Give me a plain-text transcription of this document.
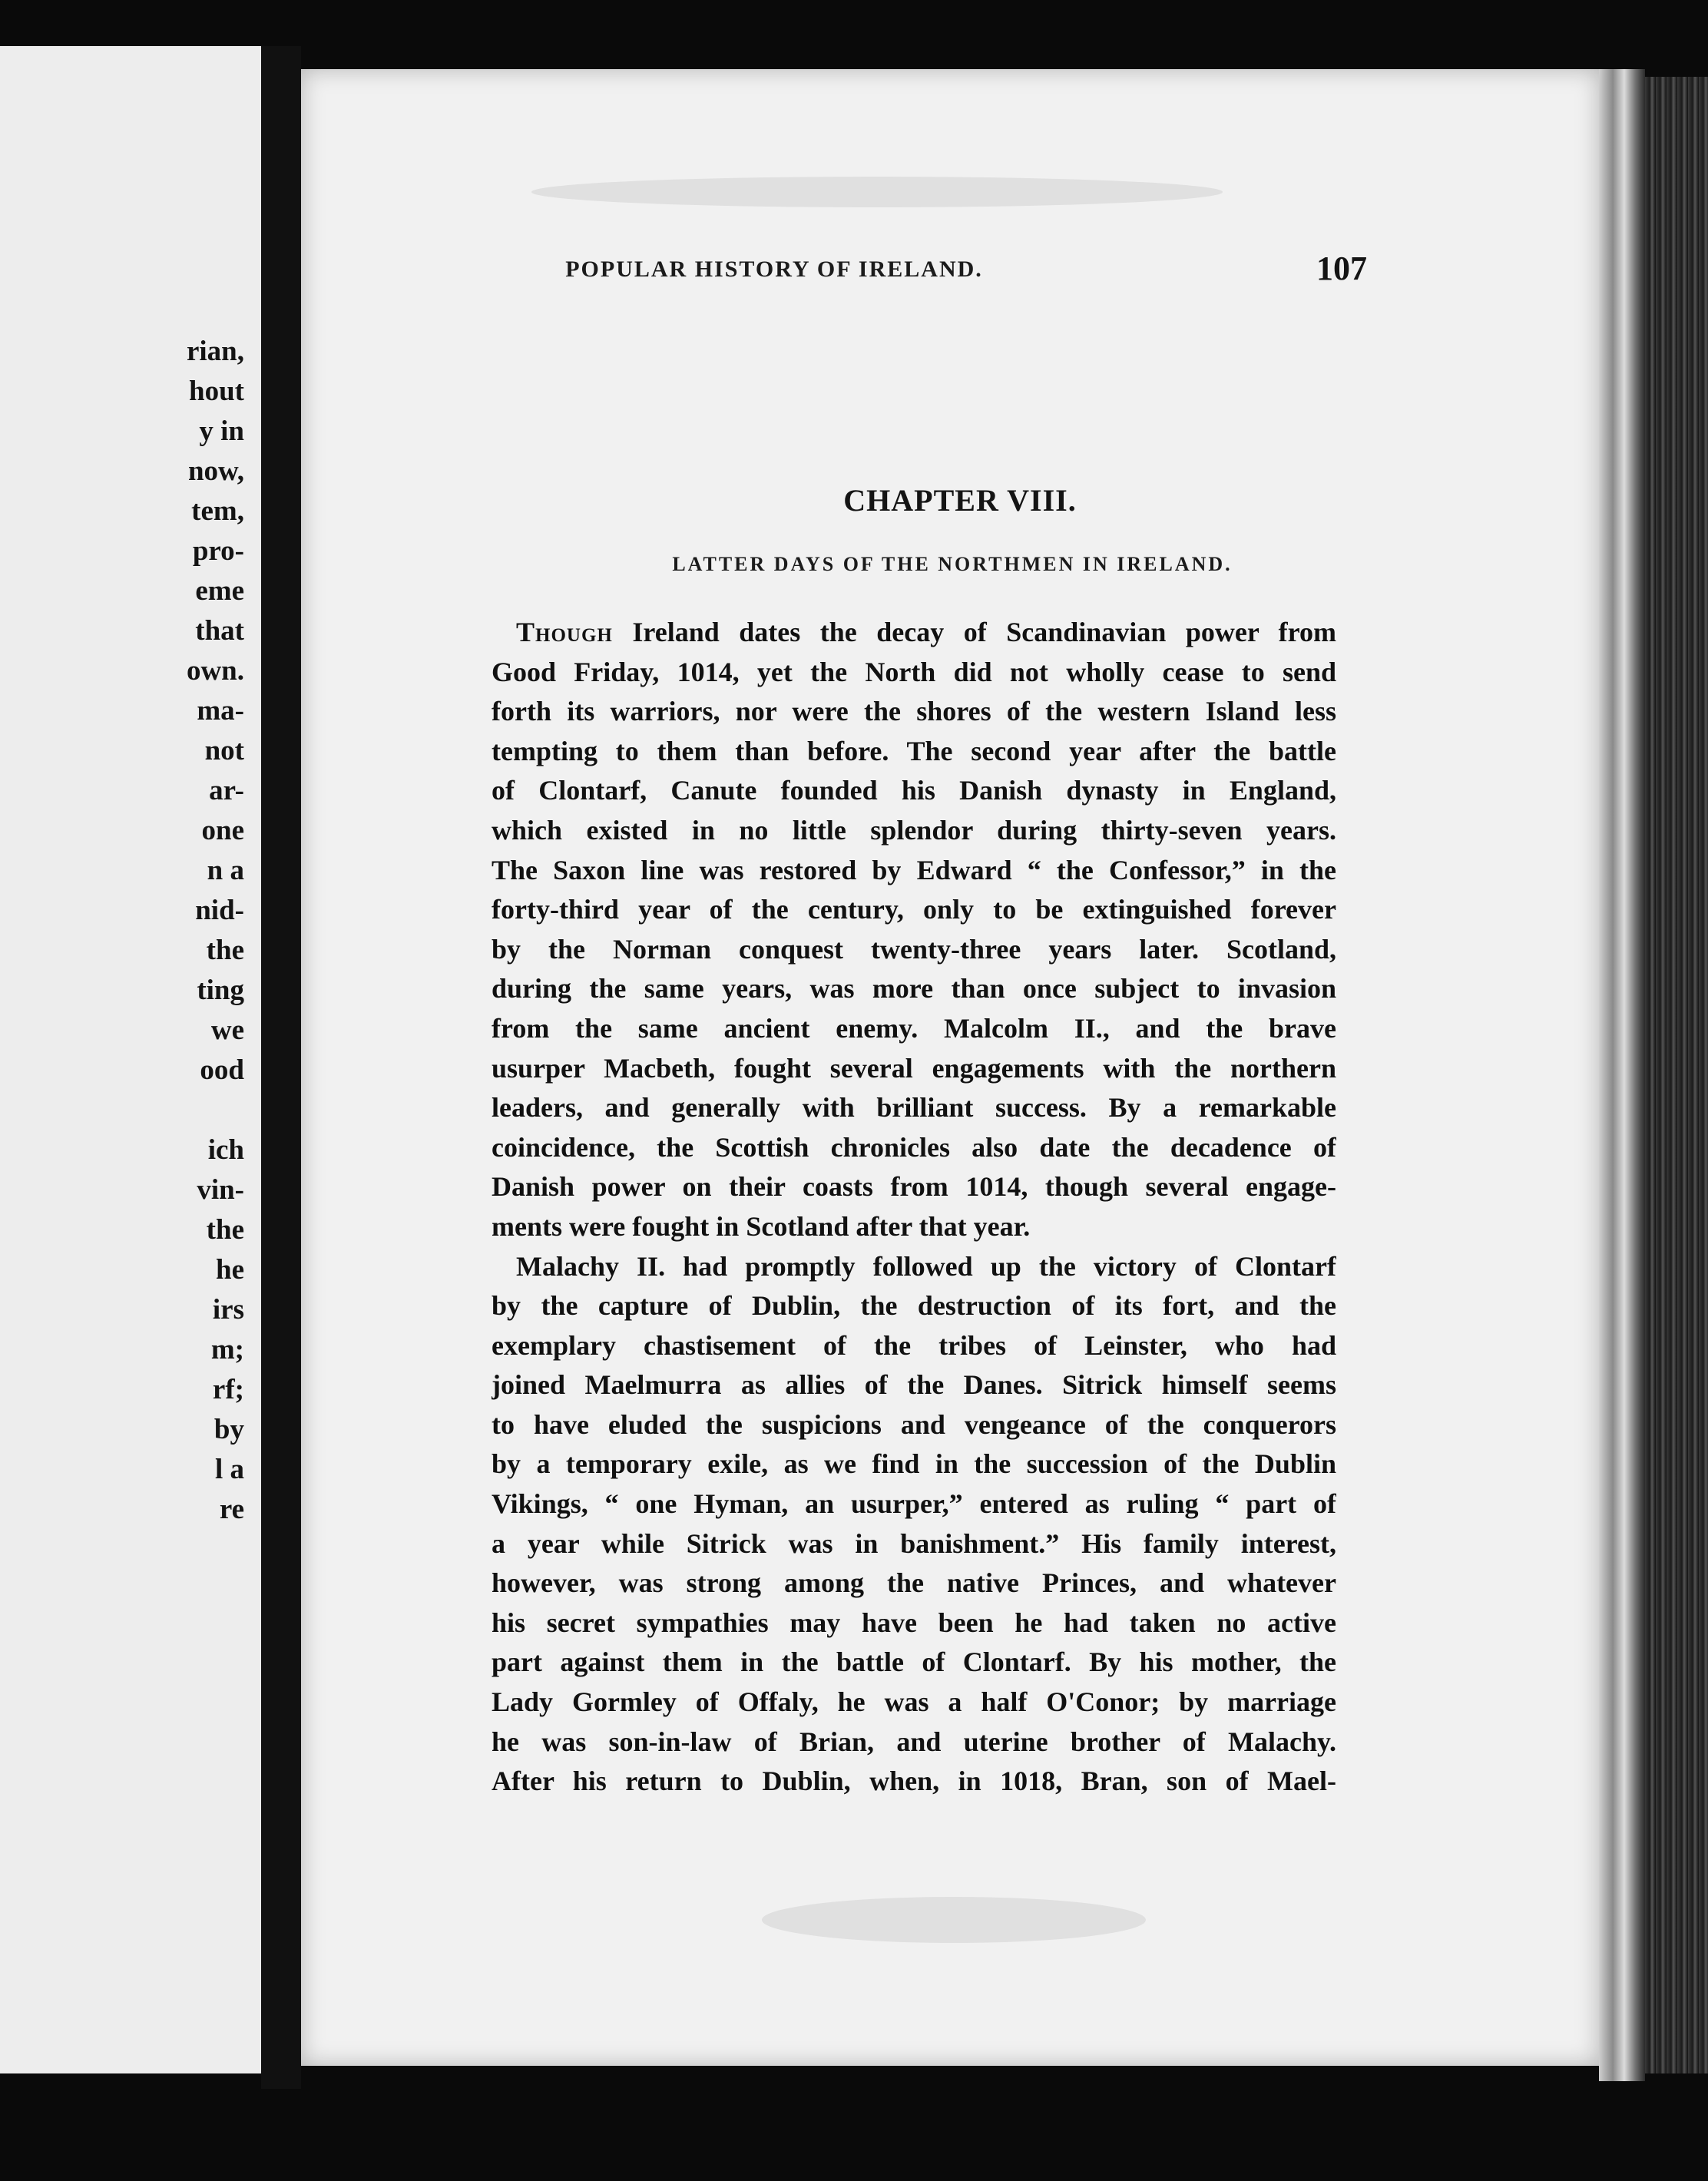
rian,
hout
y in
now,
tem,
pro-
eme
that
own.
ma-
not
ar-
one
n a
nid-
the
ting
we
ood
ich
vin-
the
he
irs
m;
rf;
by
l a
re
POPULAR HISTORY OF IRELAND.	107
CHAPTER VIII.
LATTER DAYS OF THE NORTHMEN IN IRELAND.
Though Ireland dates the decay of Scandinavian power from
Good Friday, 1014, yet the North did not wholly cease to send
forth its warriors, nor were the shores of the western Island less
tempting to them than before. The second year after the battle
of Clontarf, Canute founded his Danish dynasty in England,
which existed in no little splendor during thirty-seven years.
The Saxon line was restored by Edward “ the Confessor,” in the
forty-third year of the century, only to be extinguished forever
by the Norman conquest twenty-three years later. Scotland,
during the same years, was more than once subject to invasion
from the same ancient enemy. Malcolm II., and the brave
usurper Macbeth, fought several engagements with the northern
leaders, and generally with brilliant success. By a remarkable
coincidence, the Scottish chronicles also date the decadence of
Danish power on their coasts from 1014, though several engage-
ments were fought in Scotland after that year.
Malachy II. had promptly followed up the victory of Clontarf
by the capture of Dublin, the destruction of its fort, and the
exemplary chastisement of the tribes of Leinster, who had
joined Maelmurra as allies of the Danes. Sitrick himself seems
to have eluded the suspicions and vengeance of the conquerors
by a temporary exile, as we find in the succession of the Dublin
Vikings, “ one Hyman, an usurper,” entered as ruling “ part of
a year while Sitrick was in banishment.” His family interest,
however, was strong among the native Princes, and whatever
his secret sympathies may have been he had taken no active
part against them in the battle of Clontarf. By his mother, the
Lady Gormley of Offaly, he was a half O'Conor; by marriage
he was son-in-law of Brian, and uterine brother of Malachy.
After his return to Dublin, when, in 1018, Bran, son of Mael-
